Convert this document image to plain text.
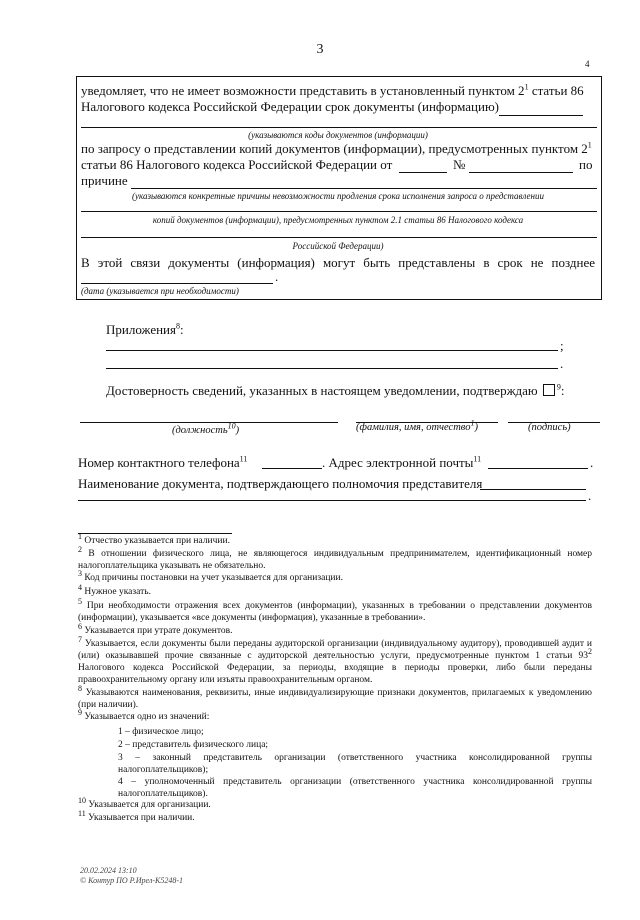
3
4
уведомляет, что не имеет возможности представить в установленный пунктом $2^1$ статьи 86
Налогового кодекса Российской Федерации срок документы (информацию)
(указываются коды документов (информации)
по запросу о представлении копий документов (информации), предусмотренных пунктом $2^1$
статьи 86 Налогового кодекса Российской Федерации от	№	по
причине
(указываются конкретные причины невозможности продления срока исполнения запроса о представлении
копий документов (информации), предусмотренных пунктом 2.1 статьи 86 Налогового кодекса
Российской Федерации)
В этой связи документы (информация) могут быть представлены в срок не позднее
.
(дата (указывается при необходимости)
Приложения$^8$:
;
.
Достоверность сведений, указанных в настоящем уведомлении, подтверждаю $^9$:
(должность$^{10}$)	(фамилия, имя, отчество$^1$)	(подпись)
Номер контактного телефона$^{11}$	. Адрес электронной почты$^{11}$	.
Наименование документа, подтверждающего полномочия представителя
.
$^1$ Отчество указывается при наличии.
$^2$ В отношении физического лица, не являющегося индивидуальным предпринимателем, идентификационный номер налогоплательщика указывать не обязательно.
$^3$ Код причины постановки на учет указывается для организации.
$^4$ Нужное указать.
$^5$ При необходимости отражения всех документов (информации), указанных в требовании о представлении документов (информации), указывается «все документы (информация), указанные в требовании».
$^6$ Указывается при утрате документов.
$^7$ Указывается, если документы были переданы аудиторской организации (индивидуальному аудитору), проводившей аудит и (или) оказывавшей прочие связанные с аудиторской деятельностью услуги, предусмотренные пунктом 1 статьи $93^2$ Налогового кодекса Российской Федерации, за периоды, входящие в периоды проверки, либо были переданы правоохранительному органу или изъяты правоохранительным органом.
$^8$ Указываются наименования, реквизиты, иные индивидуализирующие признаки документов, прилагаемых к уведомлению (при наличии).
$^9$ Указывается одно из значений:
1 – физическое лицо;
2 – представитель физического лица;
3 – законный представитель организации (ответственного участника консолидированной группы налогоплательщиков);
4 – уполномоченный представитель организации (ответственного участника консолидированной группы налогоплательщиков).
$^{10}$ Указывается для организации.
$^{11}$ Указывается при наличии.
20.02.2024 13:10
© Контур ПО Р.Ирел-К5248-1
